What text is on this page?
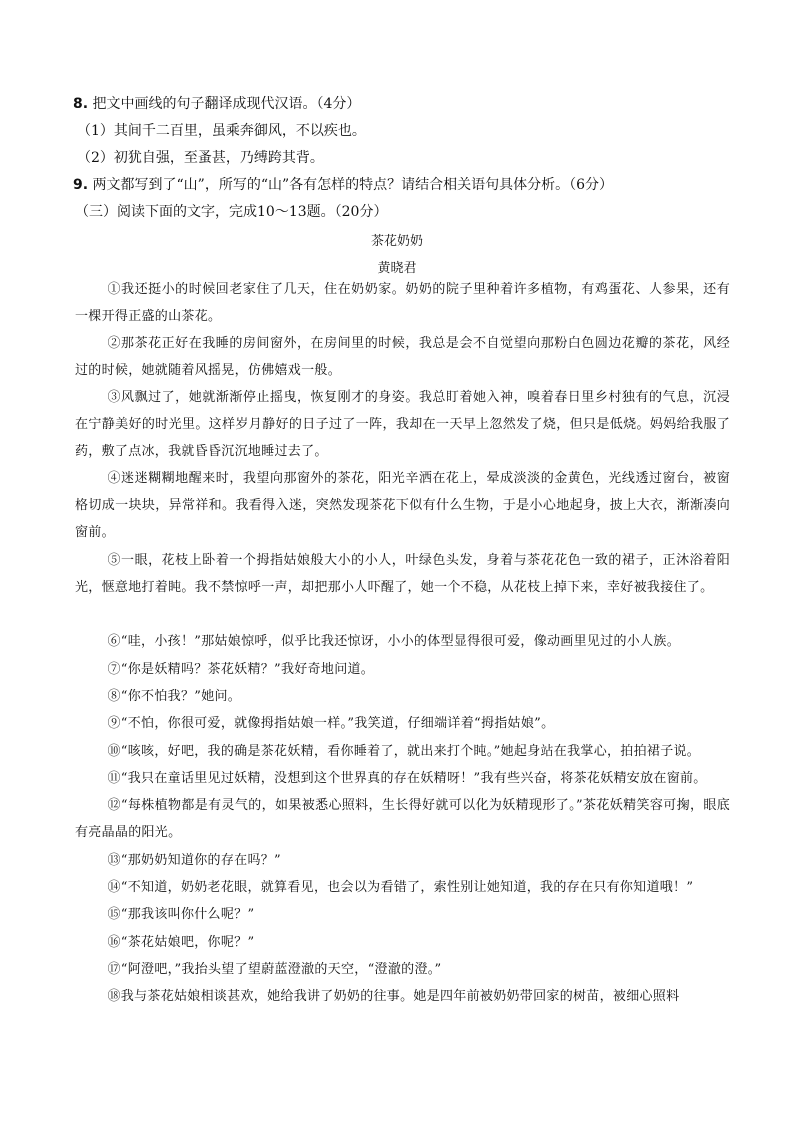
8. 把文中画线的句子翻译成现代汉语。（4分）
（1）其间千二百里，虽乘奔御风，不以疾也。
（2）初犹自强，至蚤甚，乃缚跨其背。
9. 两文都写到了“山”，所写的“山”各有怎样的特点？请结合相关语句具体分析。（6分）
（三）阅读下面的文字，完成10～13题。（20分）
茶花奶奶
黄晓君
①我还挺小的时候回老家住了几天，住在奶奶家。奶奶的院子里种着许多植物，有鸡蛋花、人参果，还有一棵开得正盛的山茶花。
②那茶花正好在我睡的房间窗外，在房间里的时候，我总是会不自觉望向那粉白色圆边花瓣的茶花，风经过的时候，她就随着风摇晃，仿佛嬉戏一般。
③风飘过了，她就渐渐停止摇曳，恢复刚才的身姿。我总盯着她入神，嗅着春日里乡村独有的气息，沉浸在宁静美好的时光里。这样岁月静好的日子过了一阵，我却在一天早上忽然发了烧，但只是低烧。妈妈给我服了药，敷了点冰，我就昏昏沉沉地睡过去了。
④迷迷糊糊地醒来时，我望向那窗外的茶花，阳光辛洒在花上，晕成淡淡的金黄色，光线透过窗台，被窗格切成一块块，异常祥和。我看得入迷，突然发现茶花下似有什么生物，于是小心地起身，披上大衣，渐渐凑向窗前。
⑤一眼，花枝上卧着一个拇指姑娘般大小的小人，叶绿色头发，身着与茶花花色一致的裙子，正沐浴着阳光，惬意地打着盹。我不禁惊呼一声，却把那小人吓醒了，她一个不稳，从花枝上掉下来，幸好被我接住了。
⑥“哇，小孩！”那姑娘惊呼，似乎比我还惊讶，小小的体型显得很可爱，像动画里见过的小人族。
⑦“你是妖精吗？茶花妖精？”我好奇地问道。
⑧“你不怕我？”她问。
⑨“不怕，你很可爱，就像拇指姑娘一样。”我笑道，仔细端详着“拇指姑娘”。
⑩“咳咳，好吧，我的确是茶花妖精，看你睡着了，就出来打个盹。”她起身站在我掌心，拍拍裙子说。
⑪“我只在童话里见过妖精，没想到这个世界真的存在妖精呀！”我有些兴奋，将茶花妖精安放在窗前。
⑫“每株植物都是有灵气的，如果被悉心照料，生长得好就可以化为妖精现形了。”茶花妖精笑容可掬，眼底有亮晶晶的阳光。
⑬“那奶奶知道你的存在吗？”
⑭“不知道，奶奶老花眼，就算看见，也会以为看错了，索性别让她知道，我的存在只有你知道哦！”
⑮“那我该叫你什么呢？”
⑯“茶花姑娘吧，你呢？”
⑰“阿澄吧，”我抬头望了望蔚蓝澄澈的天空，“澄澈的澄。”
⑱我与茶花姑娘相谈甚欢，她给我讲了奶奶的往事。她是四年前被奶奶带回家的树苗，被细心照料
